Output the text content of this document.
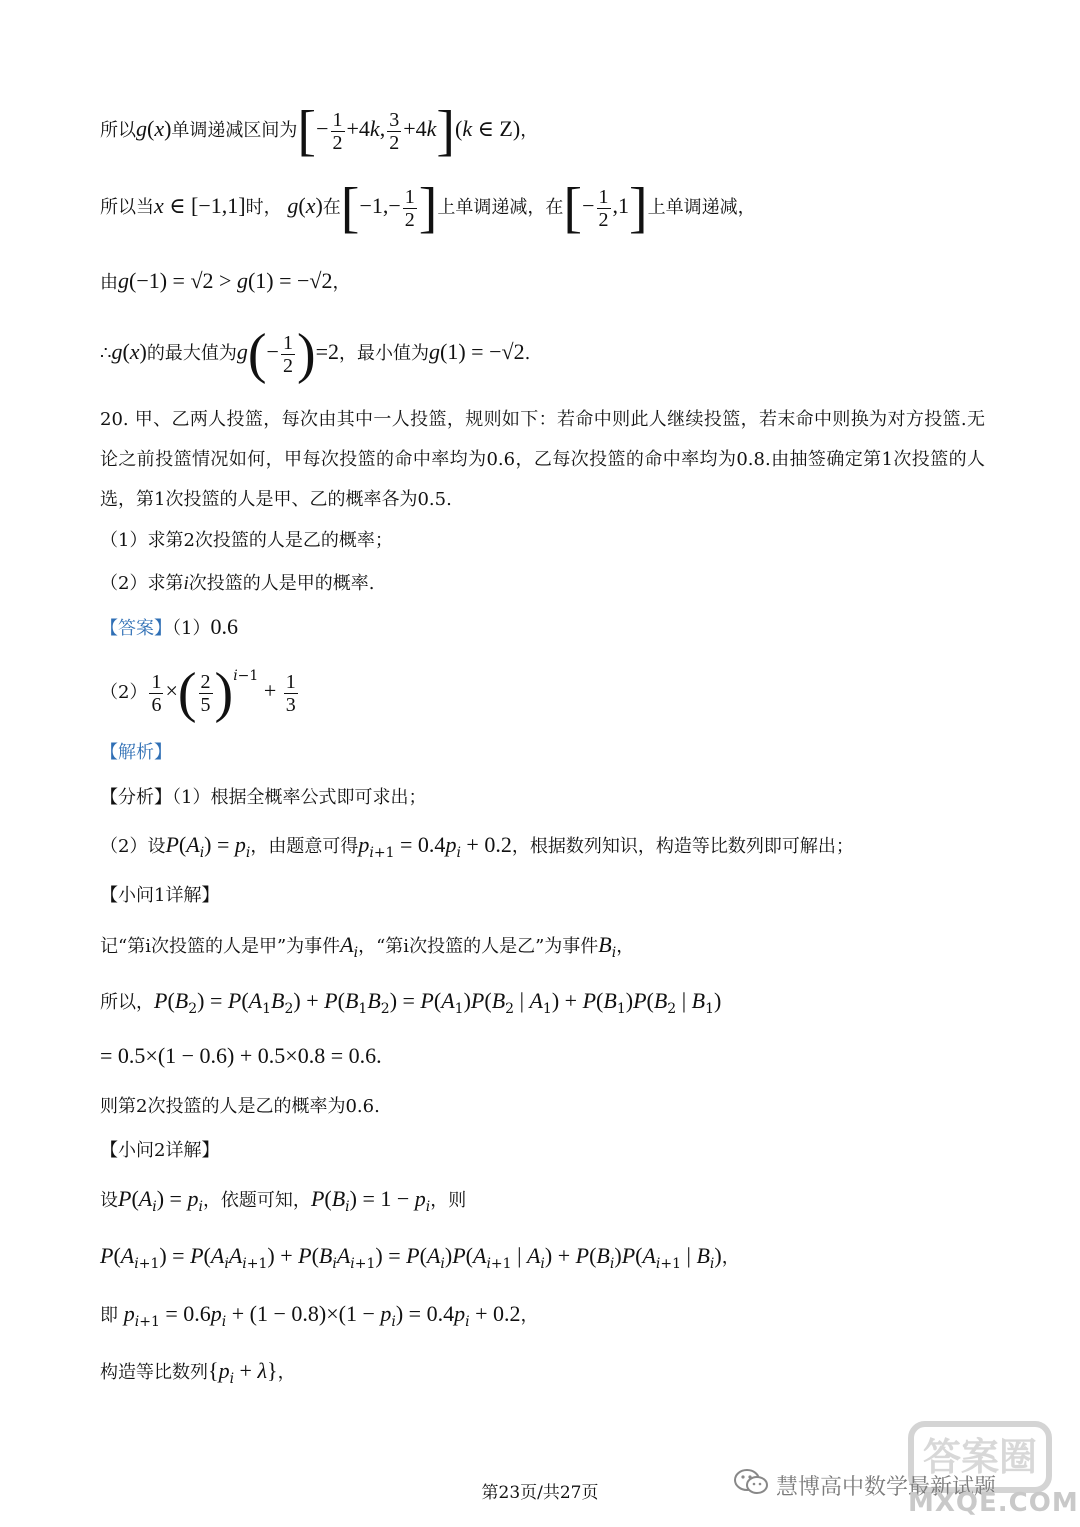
所以g(x)单调递减区间为[− $\frac{1}{2} +4k$, $\frac{3}{2} +4k](k$ ∈ Z)，
所以当x ∈ [−1,1]时， g(x)在[$-1,- \frac{1}{2}$ ]上单调递减，在[− $\frac{1}{2} ,1$]上单调递减，
由g(−1) = √2 > g(1) = −√2，
∴g(x)的最大值为$g(- \frac{1}{2} )=2$，最小值为g(1) = −√2.
20. 甲、乙两人投篮，每次由其中一人投篮，规则如下：若命中则此人继续投篮，若末命中则换为对方投篮.无论之前投篮情况如何，甲每次投篮的命中率均为0.6，乙每次投篮的命中率均为0.8.由抽签确定第1次投篮的人选，第1次投篮的人是甲、乙的概率各为0.5.
（1）求第2次投篮的人是乙的概率；
（2）求第i次投篮的人是甲的概率.
【答案】（1）0.6
$(2) \frac{1}{6}$ ×( $\frac{2}{5} )^{i-1} + \frac{1}{3}$
【解析】
【分析】（1）根据全概率公式即可求出；
（2）设$P(A_i) = p_i$，由题意可得$p_{i+1} = 0.4p_i + 0.2$，根据数列知识，构造等比数列即可解出；
【小问1详解】
记“第i次投篮的人是甲”为事件$A_i$，“第i次投篮的人是乙”为事件$B_i$，
所以，$P(B_2) = P(A_1B_2) + P(B_1B_2) = P(A_1)P(B_2$ | $A_1) + P(B_1)P(B_2$ | $B_1$)
= 0.5×(1 − 0.6) + 0.5×0.8 = 0.6.
则第2次投篮的人是乙的概率为0.6.
【小问2详解】
设$P(A_i) = p_i$，依题可知，$P(B_i) = 1 - p_i$，则
$P(A_{i+1}) = P(A_iA_{i+1}) + P(B_iA_{i+1}) = P(A_i)P(A_{i+1}$ | $A_i) + P(B_i)P(A_{i+1}$ | $B_i$)，
即 $p_{i+1} = 0.6p_i + (1 - 0.8)\times(1 - p_i) = 0.4p_i + 0.2$，
构造等比数列$\{p_i + \lambda\}$，
答案圈
慧博高中数学最新试题
MXQE.COM
第23页/共27页
